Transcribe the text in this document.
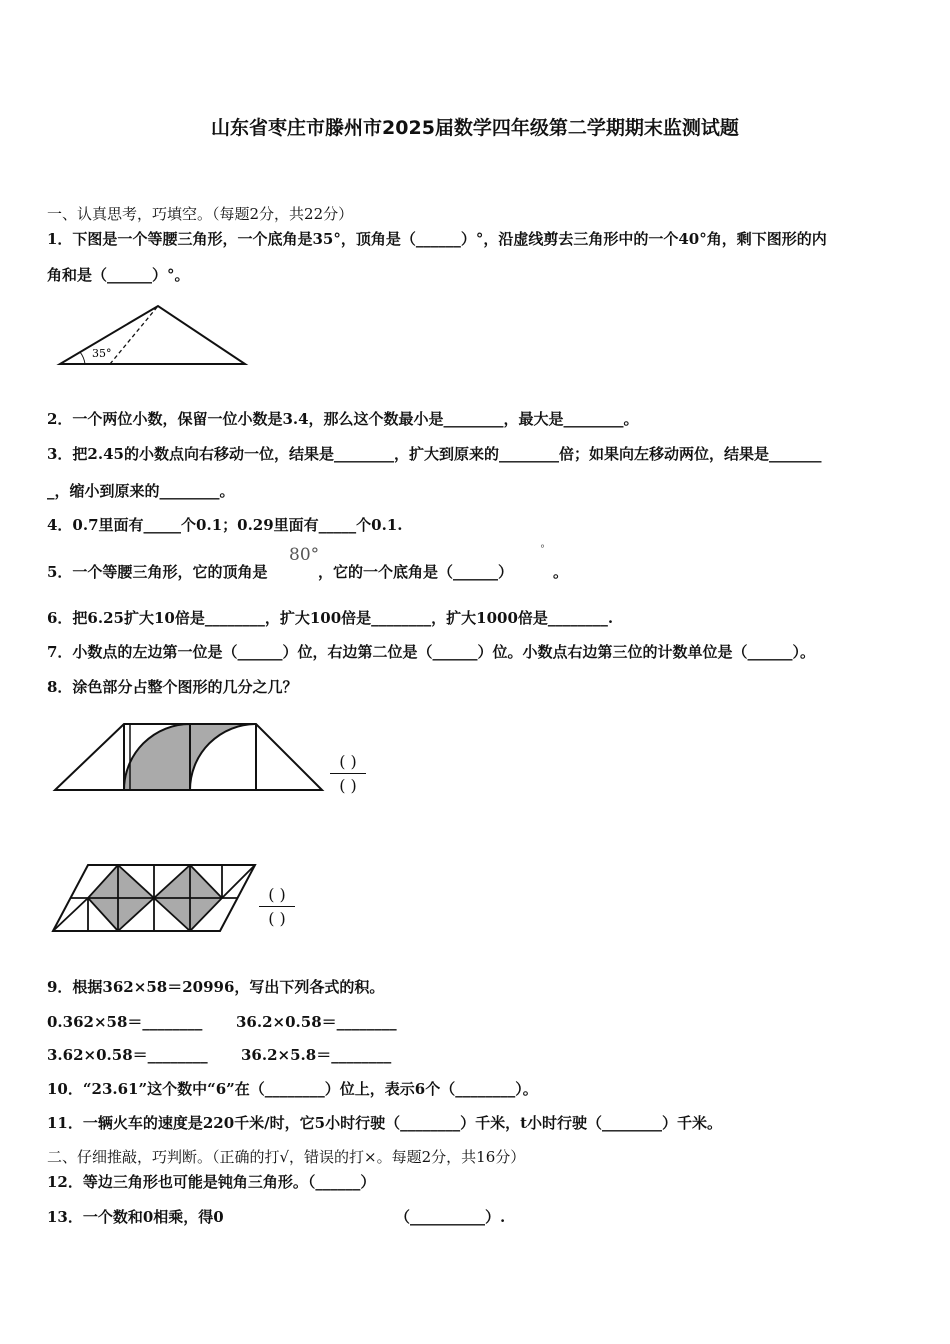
山东省枣庄市滕州市2025届数学四年级第二学期期末监测试题
一、认真思考，巧填空。（每题2分，共22分）
1．下图是一个等腰三角形，一个底角是35°，顶角是（______）°，沿虚线剪去三角形中的一个40°角，剩下图形的内
角和是（______）°。
35°
2．一个两位小数，保留一位小数是3.4，那么这个数最小是________，最大是________。
3．把2.45的小数点向右移动一位，结果是________，扩大到原来的________倍；如果向左移动两位，结果是_______
_，缩小到原来的________。
4．0.7里面有_____个0.1；0.29里面有_____个0.1.
5．一个等腰三角形，它的顶角是
80°
，它的一个底角是（______）
°
。
6．把6.25扩大10倍是________，扩大100倍是________，扩大1000倍是________.
7．小数点的左边第一位是（______）位，右边第二位是（______）位。小数点右边第三位的计数单位是（______）。
8．涂色部分占整个图形的几分之几？
( )
( )
( )
( )
9．根据362×58＝20996，写出下列各式的积。
0.362×58＝________ 36.2×0.58＝________
3.62×0.58＝________ 36.2×5.8＝________
10．“23.61”这个数中“6”在（________）位上，表示6个（________）。
11．一辆火车的速度是220千米/时，它5小时行驶（________）千米，t小时行驶（________）千米。
二、仔细推敲，巧判断。（正确的打√，错误的打×。每题2分，共16分）
12．等边三角形也可能是钝角三角形。（______）
13．一个数和0相乘，得0	（__________）.
